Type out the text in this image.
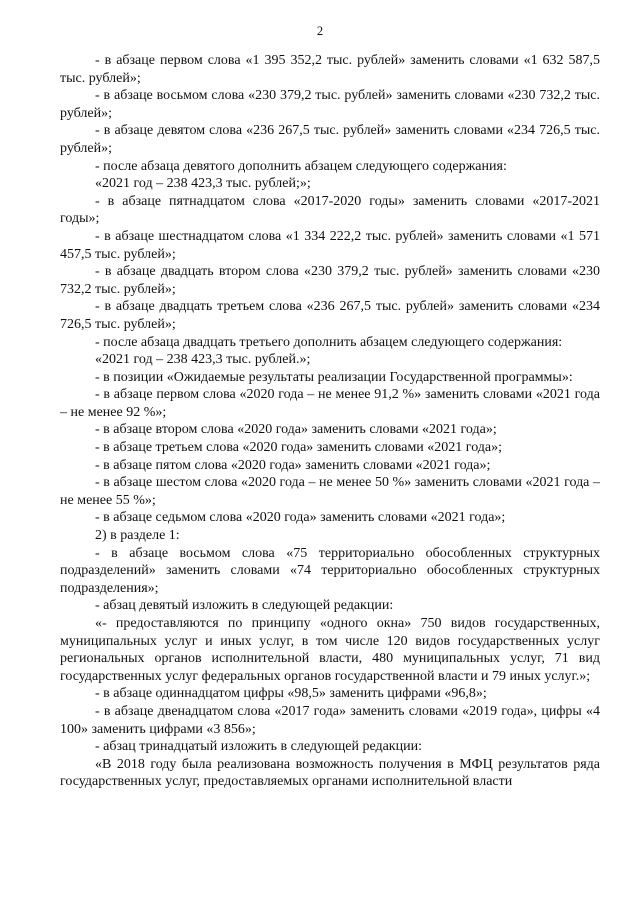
2

- в абзаце первом слова «1 395 352,2 тыс. рублей» заменить словами «1 632 587,5 тыс. рублей»;

- в абзаце восьмом слова «230 379,2 тыс. рублей» заменить словами «230 732,2 тыс. рублей»;

- в абзаце девятом слова «236 267,5 тыс. рублей» заменить словами «234 726,5 тыс. рублей»;

- после абзаца девятого дополнить абзацем следующего содержания:

«2021 год – 238 423,3 тыс. рублей;»;

- в абзаце пятнадцатом слова «2017-2020 годы» заменить словами «2017-2021 годы»;

- в абзаце шестнадцатом слова «1 334 222,2 тыс. рублей» заменить словами «1 571 457,5 тыс. рублей»;

- в абзаце двадцать втором слова «230 379,2 тыс. рублей» заменить словами «230 732,2 тыс. рублей»;

- в абзаце двадцать третьем слова «236 267,5 тыс. рублей» заменить словами «234 726,5 тыс. рублей»;

- после абзаца двадцать третьего дополнить абзацем следующего содержания:

«2021 год – 238 423,3 тыс. рублей.»;

- в позиции «Ожидаемые результаты реализации Государственной программы»:

- в абзаце первом слова «2020 года – не менее 91,2 %» заменить словами «2021 года – не менее 92 %»;

- в абзаце втором слова «2020 года» заменить словами «2021 года»;

- в абзаце третьем слова «2020 года» заменить словами «2021 года»;

- в абзаце пятом слова «2020 года» заменить словами «2021 года»;

- в абзаце шестом слова «2020 года – не менее 50 %» заменить словами «2021 года – не менее 55 %»;

- в абзаце седьмом слова «2020 года» заменить словами «2021 года»;

2) в разделе 1:

- в абзаце восьмом слова «75 территориально обособленных структурных подразделений» заменить словами «74 территориально обособленных структурных подразделения»;

- абзац девятый изложить в следующей редакции:

«- предоставляются по принципу «одного окна» 750 видов государственных, муниципальных услуг и иных услуг, в том числе 120 видов государственных услуг региональных органов исполнительной власти, 480 муниципальных услуг, 71 вид государственных услуг федеральных органов государственной власти и 79 иных услуг.»;

- в абзаце одиннадцатом цифры «98,5» заменить цифрами «96,8»;

- в абзаце двенадцатом слова «2017 года» заменить словами «2019 года», цифры «4 100» заменить цифрами «3 856»;

- абзац тринадцатый изложить в следующей редакции:

«В 2018 году была реализована возможность получения в МФЦ результатов ряда государственных услуг, предоставляемых органами исполнительной власти
